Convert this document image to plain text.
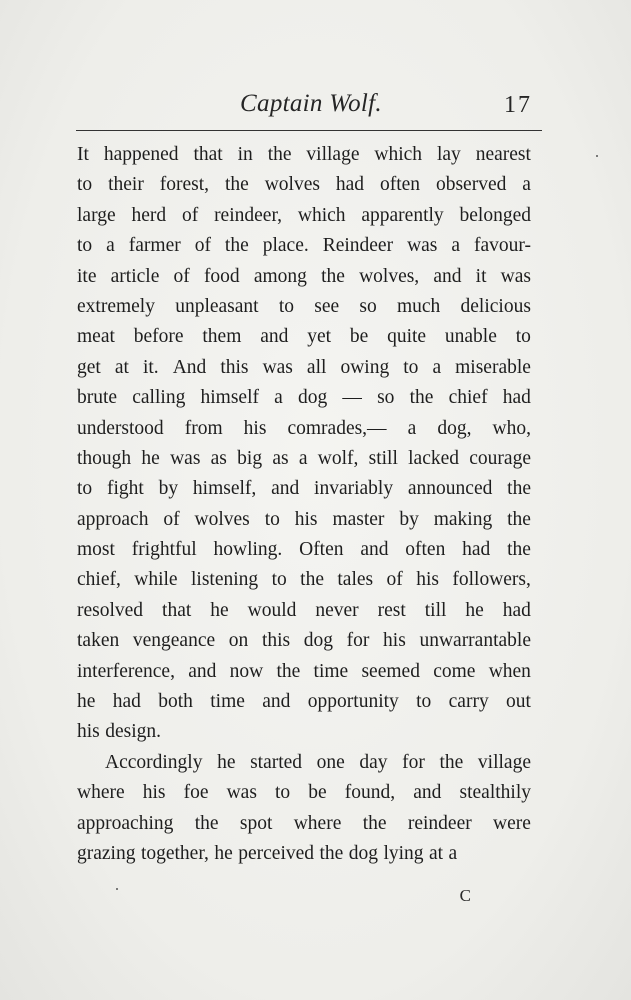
Captain Wolf.	17
It happened that in the village which lay nearest
to their forest, the wolves had often observed a
large herd of reindeer, which apparently belonged
to a farmer of the place. Reindeer was a favour-
ite article of food among the wolves, and it was
extremely unpleasant to see so much delicious
meat before them and yet be quite unable to
get at it. And this was all owing to a miserable
brute calling himself a dog — so the chief had
understood from his comrades,— a dog, who,
though he was as big as a wolf, still lacked courage
to fight by himself, and invariably announced the
approach of wolves to his master by making the
most frightful howling. Often and often had the
chief, while listening to the tales of his followers,
resolved that he would never rest till he had
taken vengeance on this dog for his unwarrantable
interference, and now the time seemed come when
he had both time and opportunity to carry out
his design.
Accordingly he started one day for the village
where his foe was to be found, and stealthily
approaching the spot where the reindeer were
grazing together, he perceived the dog lying at a
C
